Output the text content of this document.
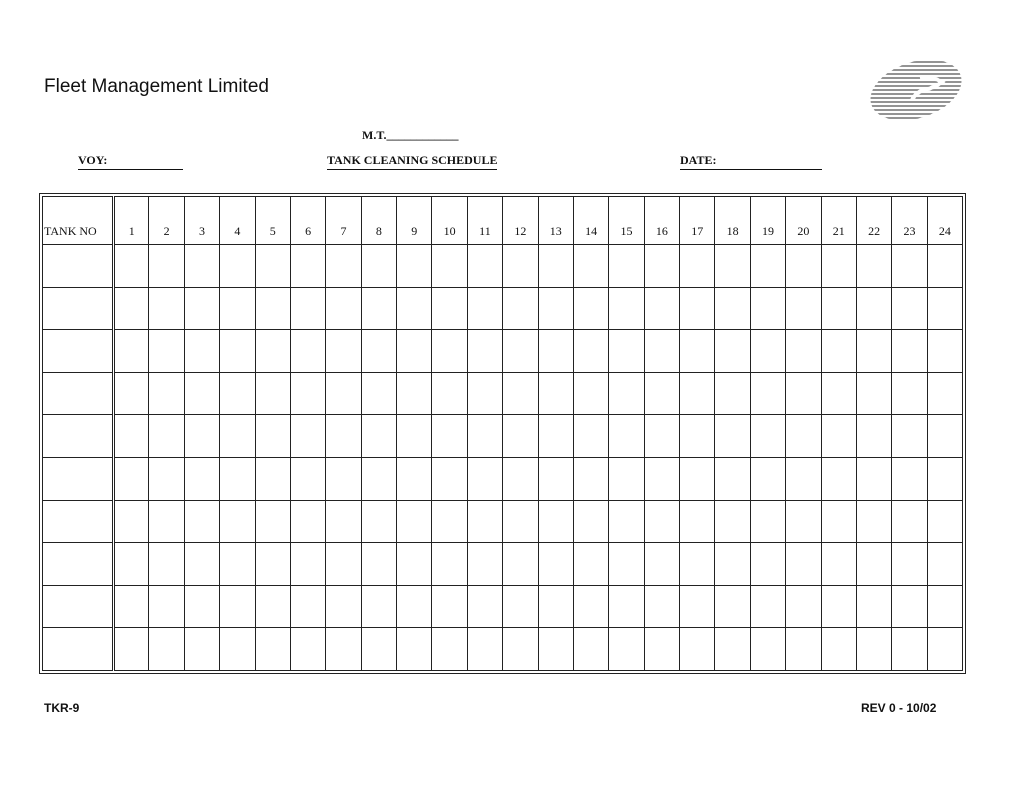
Fleet Management Limited
M.T.____________
VOY:	TANK CLEANING SCHEDULE	DATE:
TANK NO	1	2	3	4	5	6	7	8	9	10	11	12	13	14	15	16	17	18	19	20	21	22	23	24

TKR-9	REV 0 - 10/02
